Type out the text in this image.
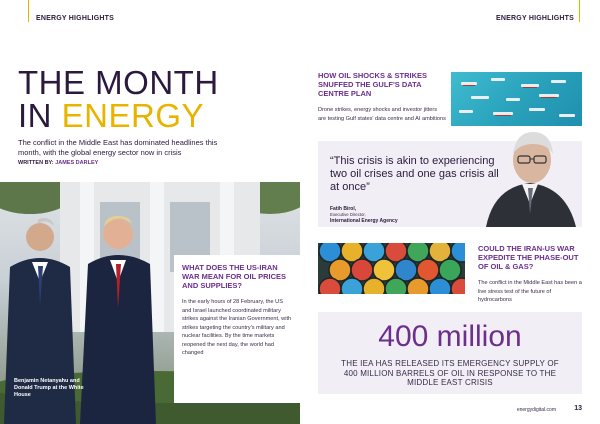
ENERGY HIGHLIGHTS	ENERGY HIGHLIGHTS
THE MONTH
IN ENERGY

The conflict in the Middle East has dominated headlines this month, with the global energy sector now in crisis

WRITTEN BY: JAMES DARLEY
Benjamin Netanyahu and Donald Trump at the White House
WHAT DOES THE US-IRAN WAR MEAN FOR OIL PRICES AND SUPPLIES?
In the early hours of 28 February, the US and Israel launched coordinated military strikes against the Iranian Government, with strikes targeting the country's military and nuclear facilities. By the time markets reopened the next day, the world had changed
HOW OIL SHOCKS & STRIKES SNUFFED THE GULF'S DATA CENTRE PLAN
Drone strikes, energy shocks and investor jitters are testing Gulf states' data centre and AI ambitions
“This crisis is akin to experiencing two oil crises and one gas crisis all at once”
Fatih Birol,
Executive Director,
International Energy Agency
COULD THE IRAN-US WAR EXPEDITE THE PHASE-OUT OF OIL & GAS?
The conflict in the Middle East has been a live stress test of the future of hydrocarbons
400 million
THE IEA HAS RELEASED ITS EMERGENCY SUPPLY OF 400 MILLION BARRELS OF OIL IN RESPONSE TO THE MIDDLE EAST CRISIS
energydigital.com	13
